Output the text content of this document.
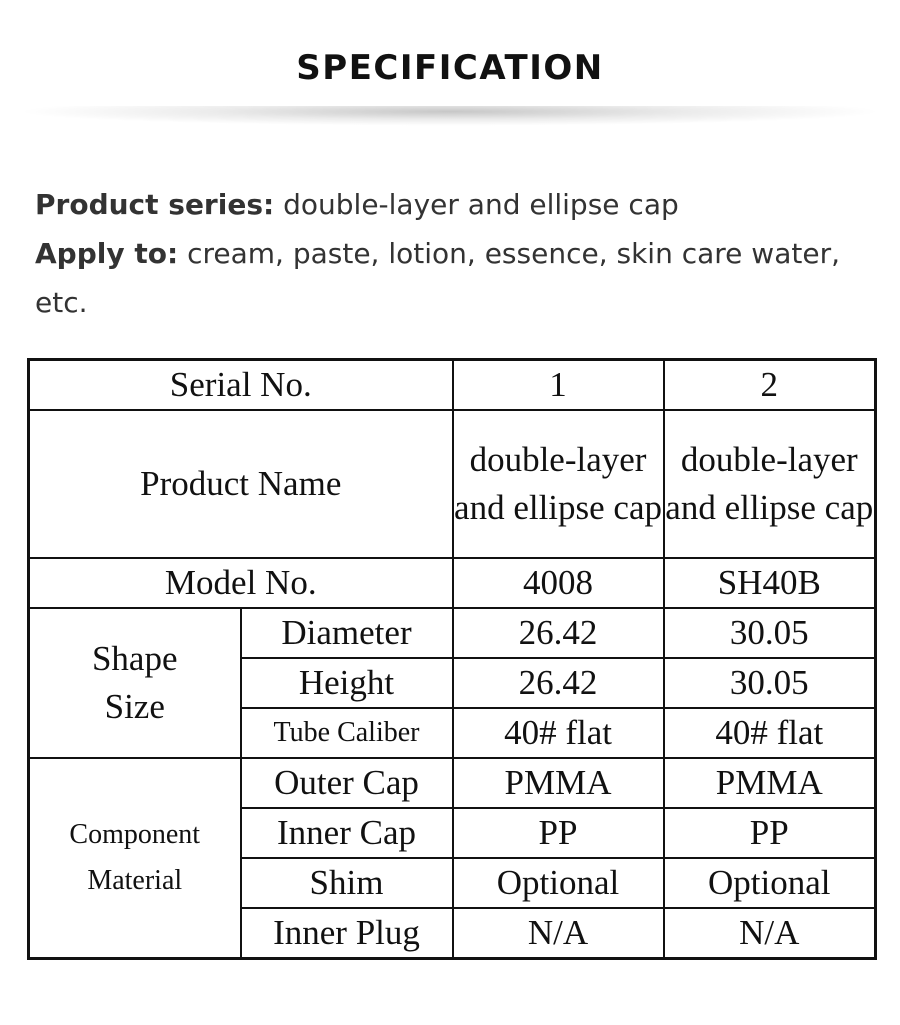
SPECIFICATION
Product series: double-layer and ellipse cap
Apply to: cream, paste, lotion, essence, skin care water, etc.
Serial No.		1	2
Product Name		double-layer and ellipse cap	double-layer and ellipse cap
Model No.		4008	SH40B
Shape Size	Diameter	26.42	30.05
	Height	26.42	30.05
	Tube Caliber	40# flat	40# flat
Component Material	Outer Cap	PMMA	PMMA
	Inner Cap	PP	PP
	Shim	Optional	Optional
	Inner Plug	N/A	N/A
